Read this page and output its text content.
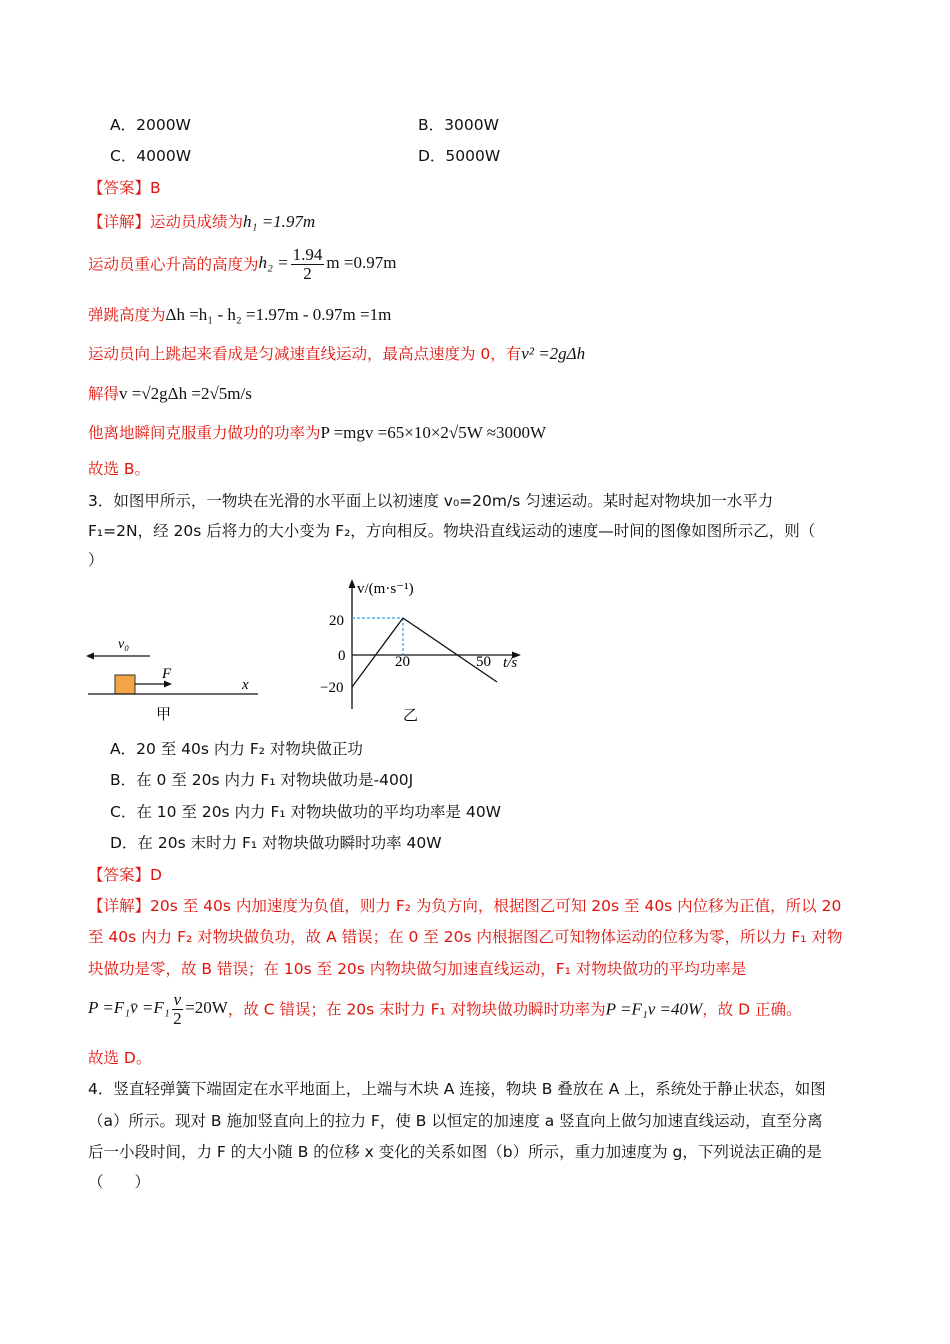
A．2000W	B．3000W
C．4000W	D．5000W
【答案】B
【详解】运动员成绩为h₁ =1.97m
运动员重心升高的高度为$h_2 = \frac{1.94}{2}$ m =0.97m
弹跳高度为Δh =h₁ - h₂ =1.97m - 0.97m =1m
运动员向上跳起来看成是匀减速直线运动，最高点速度为 0，有v² =2gΔh
解得v =√2gΔh =2√5m/s
他离地瞬间克服重力做功的功率为P =mgv =65×10×2√5W ≈3000W
故选 B。
3．如图甲所示，一物块在光滑的水平面上以初速度 v₀=20m/s 匀速运动。某时起对物块加一水平力
F₁=2N，经 20s 后将力的大小变为 F₂，方向相反。物块沿直线运动的速度—时间的图像如图所示乙，则（
）
v₀
F
x
甲
v/(m·s⁻¹)
t/s
20
0
−20
20	50
乙
A．20 至 40s 内力 F₂ 对物块做正功
B．在 0 至 20s 内力 F₁ 对物块做功是-400J
C．在 10 至 20s 内力 F₁ 对物块做功的平均功率是 40W
D．在 20s 末时力 F₁ 对物块做功瞬时功率 40W
【答案】D
【详解】20s 至 40s 内加速度为负值，则力 F₂ 为负方向，根据图乙可知 20s 至 40s 内位移为正值，所以 20
至 40s 内力 F₂ 对物块做负功，故 A 错误；在 0 至 20s 内根据图乙可知物体运动的位移为零，所以力 F₁ 对物
块做功是零，故 B 错误；在 10s 至 20s 内物块做匀加速直线运动，F₁ 对物块做功的平均功率是
P =F₁v̄ $=F_1 \frac{v}{2} =20W$，故 C 错误；在 20s 末时力 F₁ 对物块做功瞬时功率为P =F₁v =40W，故 D 正确。
故选 D。
4．竖直轻弹簧下端固定在水平地面上，上端与木块 A 连接，物块 B 叠放在 A 上，系统处于静止状态，如图
（a）所示。现对 B 施加竖直向上的拉力 F，使 B 以恒定的加速度 a 竖直向上做匀加速直线运动，直至分离
后一小段时间，力 F 的大小随 B 的位移 x 变化的关系如图（b）所示，重力加速度为 g，下列说法正确的是
（　　）
